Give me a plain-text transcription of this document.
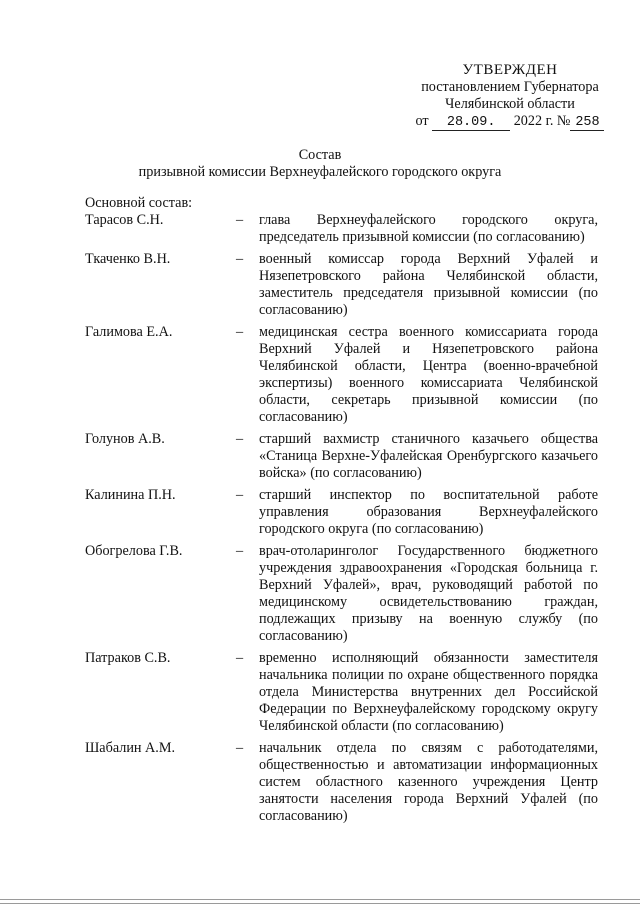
УТВЕРЖДЕН
постановлением Губернатора
Челябинской области
от 28.09. 2022 г. № 258
Состав
призывной комиссии Верхнеуфалейского городского округа
Основной состав:
Тарасов С.Н.	– глава Верхнеуфалейского городского округа, председатель призывной комиссии (по согласованию)
Ткаченко В.Н.	– военный комиссар города Верхний Уфалей и Нязепетровского района Челябинской области, заместитель председателя призывной комиссии (по согласованию)
Галимова Е.А.	– медицинская сестра военного комиссариата города Верхний Уфалей и Нязепетровского района Челябинской области, Центра (военно-врачебной экспертизы) военного комиссариата Челябинской области, секретарь призывной комиссии (по согласованию)
Голунов А.В.	– старший вахмистр станичного казачьего общества «Станица Верхне-Уфалейская Оренбургского казачьего войска» (по согласованию)
Калинина П.Н.	– старший инспектор по воспитательной работе управления образования Верхнеуфалейского городского округа (по согласованию)
Обогрелова Г.В.	– врач-отоларинголог Государственного бюджетного учреждения здравоохранения «Городская больница г. Верхний Уфалей», врач, руководящий работой по медицинскому освидетельствованию граждан, подлежащих призыву на военную службу (по согласованию)
Патраков С.В.	– временно исполняющий обязанности заместителя начальника полиции по охране общественного порядка отдела Министерства внутренних дел Российской Федерации по Верхнеуфалейскому городскому округу Челябинской области (по согласованию)
Шабалин А.М.	– начальник отдела по связям с работодателями, общественностью и автоматизации информационных систем областного казенного учреждения Центр занятости населения города Верхний Уфалей (по согласованию)
